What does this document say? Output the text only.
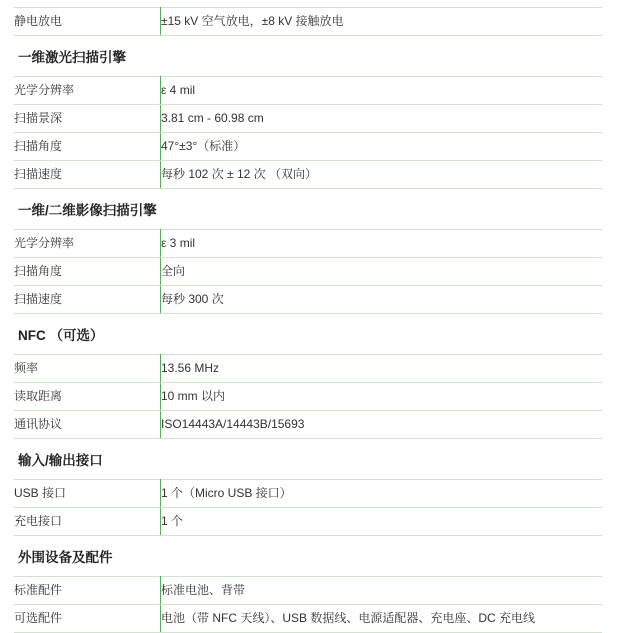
静电放电	±15 kV 空气放电，±8 kV 接触放电
一维激光扫描引擎
光学分辨率	ε 4 mil
扫描景深	3.81 cm - 60.98 cm
扫描角度	47°±3°（标准）
扫描速度	每秒 102 次 ± 12 次 （双向）
一维/二维影像扫描引擎
光学分辨率	ε 3 mil
扫描角度	全向
扫描速度	每秒 300 次
NFC （可选）
频率	13.56 MHz
读取距离	10 mm 以内
通讯协议	ISO14443A/14443B/15693
输入/输出接口
USB 接口	1 个（Micro USB 接口）
充电接口	1 个
外围设备及配件
标准配件	标准电池、背带
可选配件	电池（带 NFC 天线）、USB 数据线、电源适配器、充电座、DC 充电线
